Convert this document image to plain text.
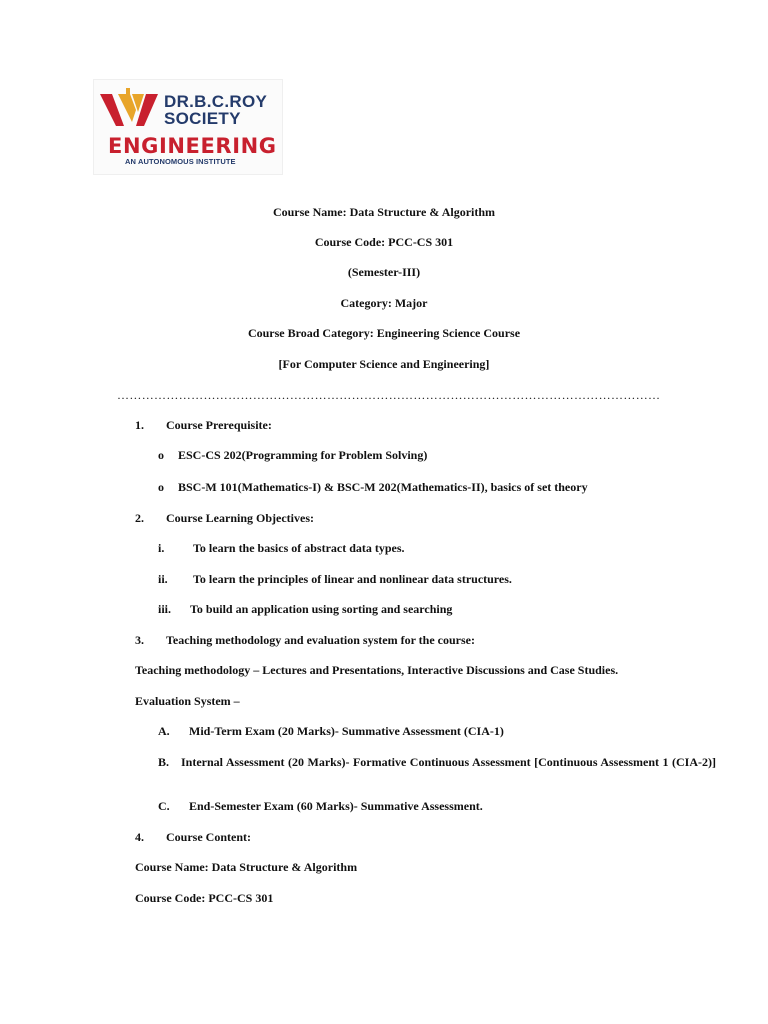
DR.B.C.ROY
SOCIETY
ENGINEERING
AN AUTONOMOUS INSTITUTE
Course Name: Data Structure & Algorithm
Course Code: PCC-CS 301
(Semester-III)
Category: Major
Course Broad Category: Engineering Science Course
[For Computer Science and Engineering]
……………………………………………………………………………………………………………………
1. Course Prerequisite:
o ESC-CS 202(Programming for Problem Solving)
o BSC-M 101(Mathematics-I) & BSC-M 202(Mathematics-II), basics of set theory
2. Course Learning Objectives:
i. To learn the basics of abstract data types.
ii. To learn the principles of linear and nonlinear data structures.
iii. To build an application using sorting and searching
3. Teaching methodology and evaluation system for the course:
Teaching methodology – Lectures and Presentations, Interactive Discussions and Case Studies.
Evaluation System –
A. Mid-Term Exam (20 Marks)- Summative Assessment (CIA-1)
B. Internal Assessment (20 Marks)- Formative Continuous Assessment [Continuous Assessment 1 (CIA-2)]
C. End-Semester Exam (60 Marks)- Summative Assessment.
4. Course Content:
Course Name: Data Structure & Algorithm
Course Code: PCC-CS 301
